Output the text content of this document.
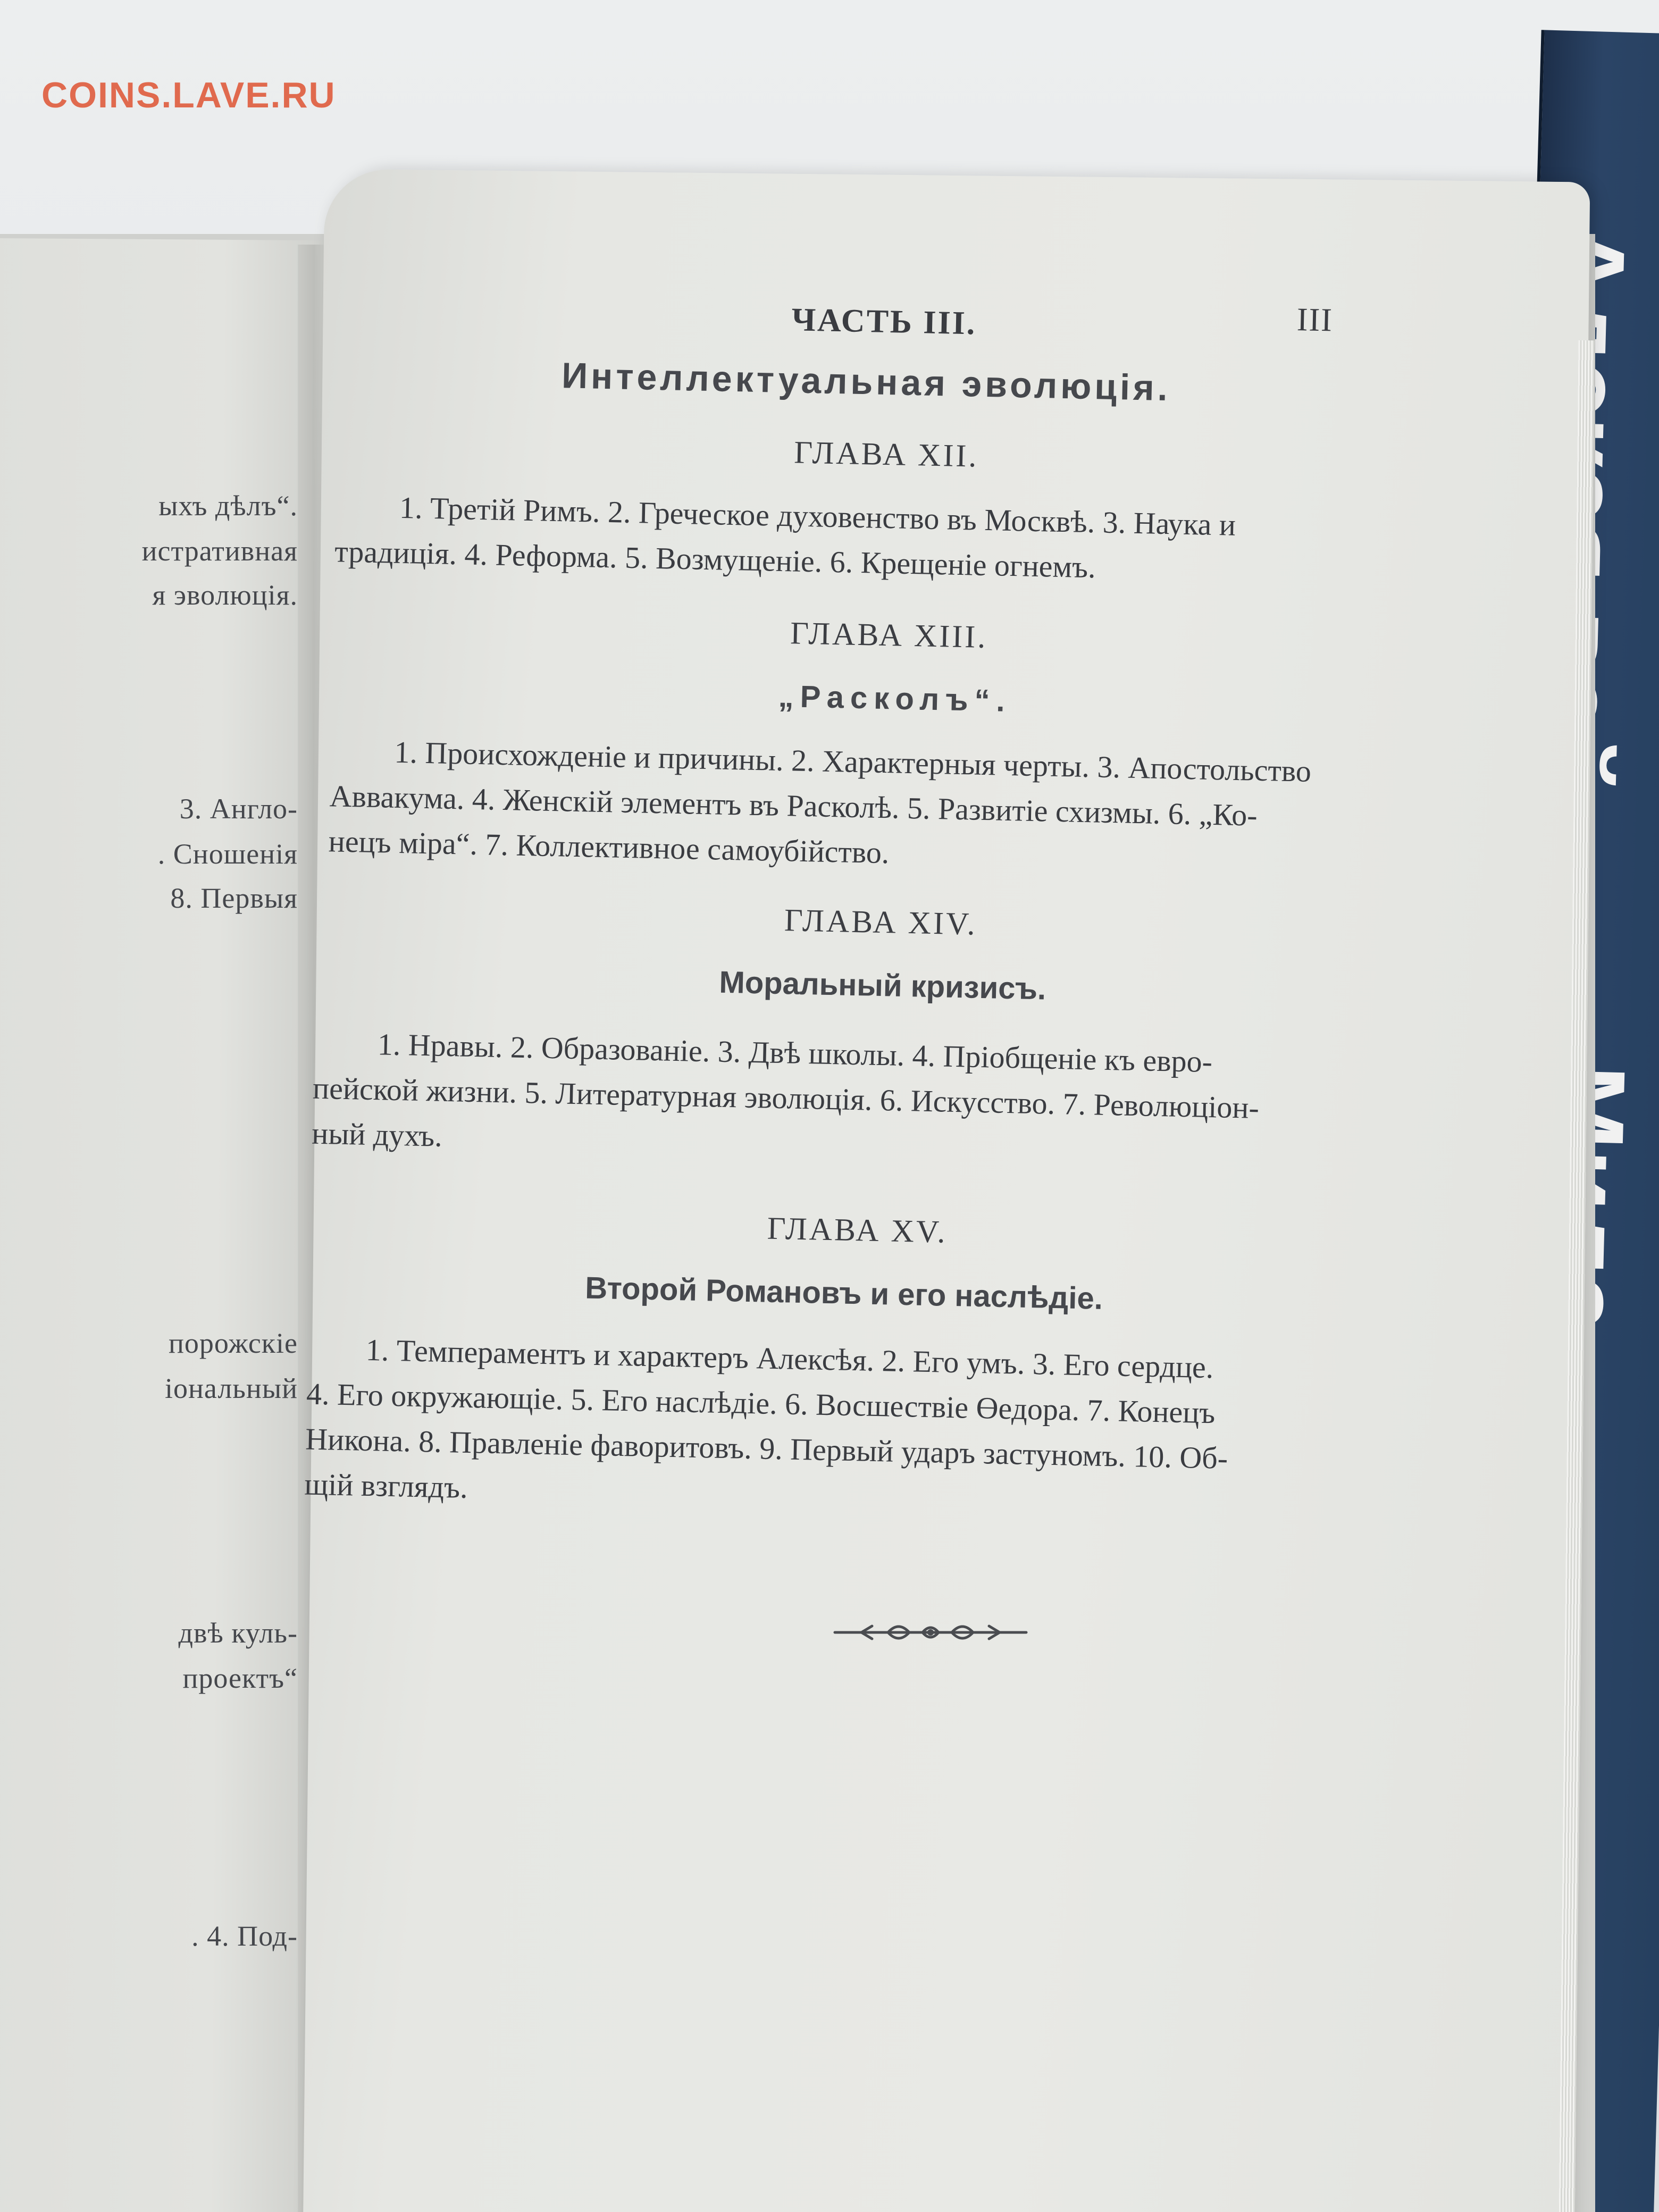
ыхъ дѣлъ“.
истративная
я эволюція.
3. Англо-
. Сношенія
8. Первыя
порожскіе
іональный
двѣ куль-
проектъ“
. 4. Под-
ЧАСТЬ III.	III
Интеллектуальная эволюція.
ГЛАВА XII.
1. Третій Римъ. 2. Греческое духовенство въ Москвѣ. 3. Наука и
традиція. 4. Реформа. 5. Возмущеніе. 6. Крещеніе огнемъ.
ГЛАВА XIII.
„Расколъ“.
1. Происхожденіе и причины. 2. Характерныя черты. 3. Апостольство
Аввакума. 4. Женскій элементъ въ Расколѣ. 5. Развитіе схизмы. 6. „Ко-
нецъ міра“. 7. Коллективное самоубійство.
ГЛАВА XIV.
Моральный кризисъ.
1. Нравы. 2. Образованіе. 3. Двѣ школы. 4. Пріобщеніе къ евро-
пейской жизни. 5. Литературная эволюція. 6. Искусство. 7. Революціон-
ный духъ.
ГЛАВА XV.
Второй Романовъ и его наслѣдіе.
1. Темпераментъ и характеръ Алексѣя. 2. Его умъ. 3. Его сердце.
4. Его окружающіе. 5. Его наслѣдіе. 6. Восшествіе Өедора. 7. Конецъ
Никона. 8. Правленіе фаворитовъ. 9. Первый ударъ застуномъ. 10. Об-
щій взглядъ.
COINS.LAVE.RU
